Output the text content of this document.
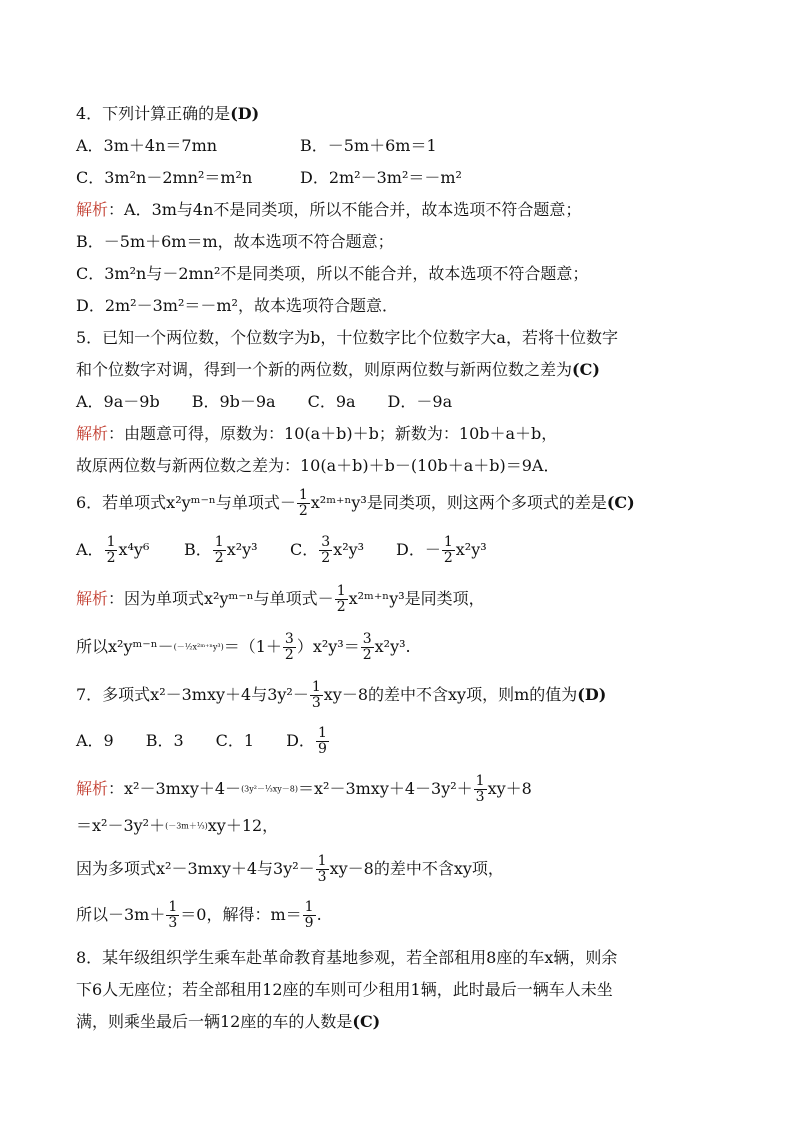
4．下列计算正确的是(D)
A．3m＋4n＝7mn	B．－5m＋6m＝1
C．3m²n－2mn²＝m²n	D．2m²－3m²＝－m²
解析：A．3m与4n不是同类项，所以不能合并，故本选项不符合题意；
B．－5m＋6m＝m，故本选项不符合题意；
C．3m²n与－2mn²不是同类项，所以不能合并，故本选项不符合题意；
D．2m²－3m²＝－m²，故本选项符合题意．
5．已知一个两位数，个位数字为b，十位数字比个位数字大a，若将十位数字
和个位数字对调，得到一个新的两位数，则原两位数与新两位数之差为(C)
A．9a－9b　　B．9b－9a　　C．9a　　D．－9a
解析：由题意可得，原数为：10(a＋b)＋b；新数为：10b＋a＋b，
故原两位数与新两位数之差为：10(a＋b)＋b－(10b＋a＋b)＝9A．
6．若单项式x²yᵐ⁻ⁿ与单项式－ $\frac{1}{2}$ x²ᵐ⁺ⁿy³是同类项，则这两个多项式的差是(C)
A． $\frac{1}{2} x^4y^6$ B． $\frac{1}{2} x^2y^3$ C． $\frac{3}{2} x^2y^3$ D．－ $\frac{1}{2} x^2y^3$
解析：因为单项式x²yᵐ⁻ⁿ与单项式－ $\frac{1}{2}$ x²ᵐ⁺ⁿy³是同类项，
所以x²yᵐ⁻ⁿ－(－½x²ᵐ⁺ⁿy³)＝（1＋ $\frac{3}{2} )x^2y^3= \frac{3}{2} x^2y^3$.
7．多项式x²－3mxy＋4与$3y^2- \frac{1}{3} xy-8$的差中不含xy项，则m的值为(D)
A．9　　B．3　　C．1　　D． $\frac{1}{9}$
解析：x²－3mxy＋4－(3y²－⅓xy－8)＝x²－3mxy＋4－3y²＋ $\frac{1}{3} xy+8$
＝x²－3y²＋(－3m＋⅓)xy＋12，
因为多项式x²－3mxy＋4与$3y^2- \frac{1}{3} xy-8$的差中不含xy项，
所以$-3m+ \frac{1}{3} =0$，解得：$m= \frac{1}{9}$ .
8．某年级组织学生乘车赴革命教育基地参观，若全部租用8座的车x辆，则余
下6人无座位；若全部租用12座的车则可少租用1辆，此时最后一辆车人未坐
满，则乘坐最后一辆12座的车的人数是(C)
